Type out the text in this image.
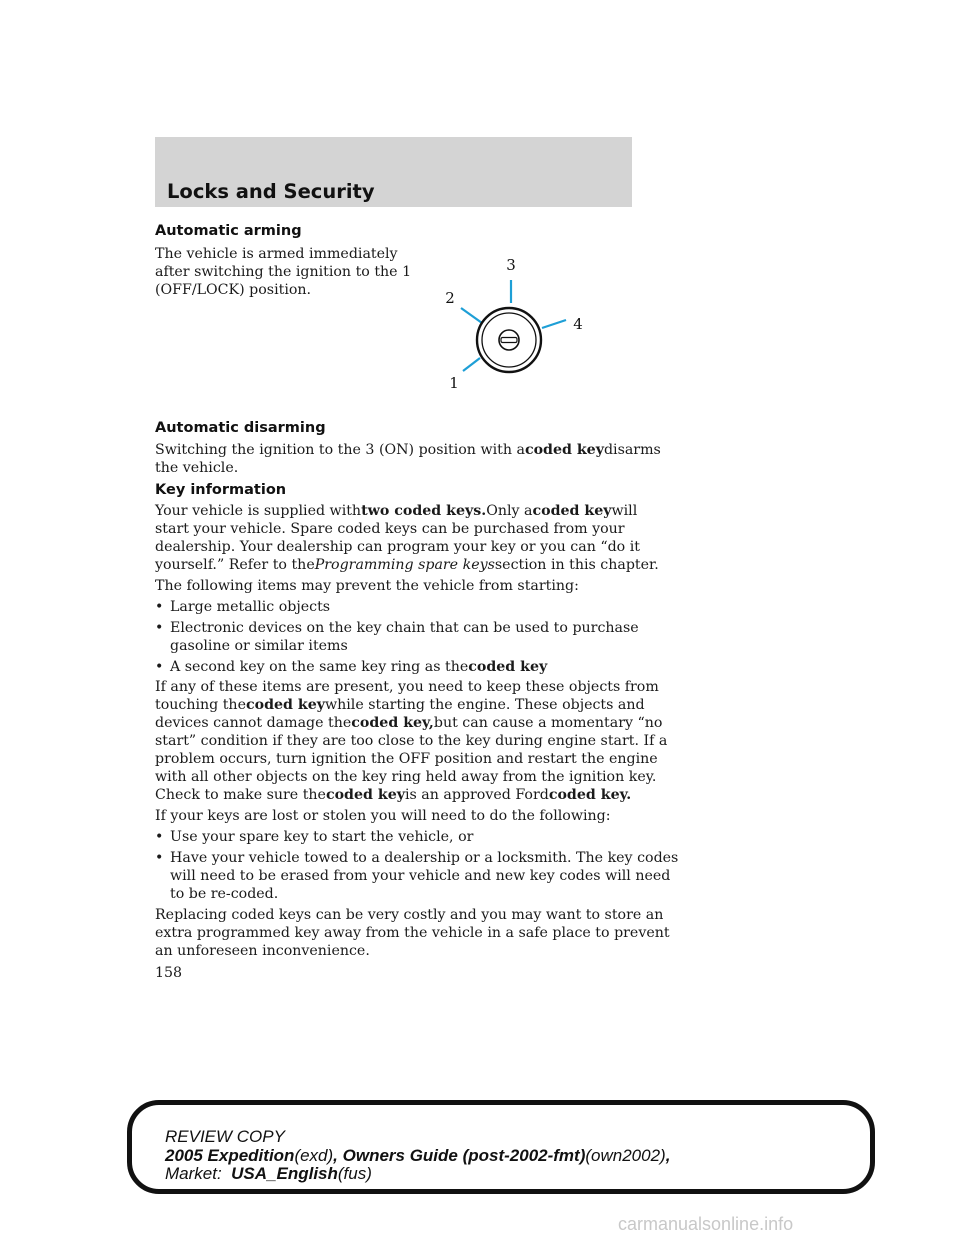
Locks and Security
Automatic arming
The vehicle is armed immediately
after switching the ignition to the 1
(OFF/LOCK) position.
3
2
4
1
Automatic disarming
Switching the ignition to the 3 (ON) position with acoded keydisarms
the vehicle.
Key information
Your vehicle is supplied withtwo coded keys.Only acoded keywill
start your vehicle. Spare coded keys can be purchased from your
dealership. Your dealership can program your key or you can “do it
yourself.” Refer to theProgramming spare keyssection in this chapter.
The following items may prevent the vehicle from starting:
• Large metallic objects
• Electronic devices on the key chain that can be used to purchase
gasoline or similar items
• A second key on the same key ring as thecoded key
If any of these items are present, you need to keep these objects from
touching thecoded keywhile starting the engine. These objects and
devices cannot damage thecoded key,but can cause a momentary “no
start” condition if they are too close to the key during engine start. If a
problem occurs, turn ignition the OFF position and restart the engine
with all other objects on the key ring held away from the ignition key.
Check to make sure thecoded keyis an approved Fordcoded key.
If your keys are lost or stolen you will need to do the following:
• Use your spare key to start the vehicle, or
• Have your vehicle towed to a dealership or a locksmith. The key codes
will need to be erased from your vehicle and new key codes will need
to be re-coded.
Replacing coded keys can be very costly and you may want to store an
extra programmed key away from the vehicle in a safe place to prevent
an unforeseen inconvenience.
158
REVIEW COPY
2005 Expedition(exd), Owners Guide (post-2002-fmt)(own2002),
Market: USA_English(fus)
carmanualsonline.info
